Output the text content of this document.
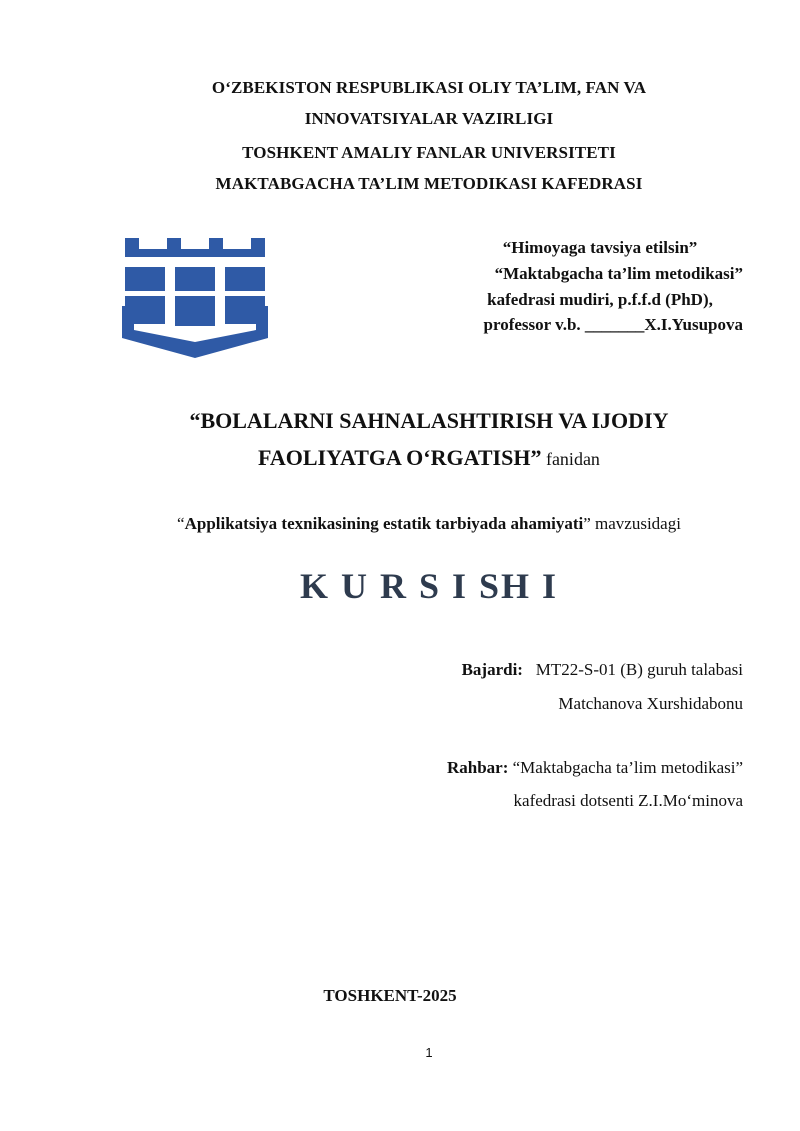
O‘ZBEKISTON RESPUBLIKASI OLIY TA’LIM, FAN VA
INNOVATSIYALAR VAZIRLIGI
TOSHKENT AMALIY FANLAR UNIVERSITETI
MAKTABGACHA TA’LIM METODIKASI KAFEDRASI
“Himoyaga tavsiya etilsin”
“Maktabgacha ta’lim metodikasi”
kafedrasi mudiri, p.f.f.d (PhD),
professor v.b. _______X.I.Yusupova
“BOLALARNI SAHNALASHTIRISH VA IJODIY
FAOLIYATGA O‘RGATISH” fanidan
“Applikatsiya texnikasining estatik tarbiyada ahamiyati” mavzusidagi
K U R S I SH I
Bajardi:   MT22-S-01 (B) guruh talabasi
Matchanova Xurshidabonu
Rahbar: “Maktabgacha ta’lim metodikasi”
kafedrasi dotsenti Z.I.Mo‘minova
TOSHKENT-2025
1
